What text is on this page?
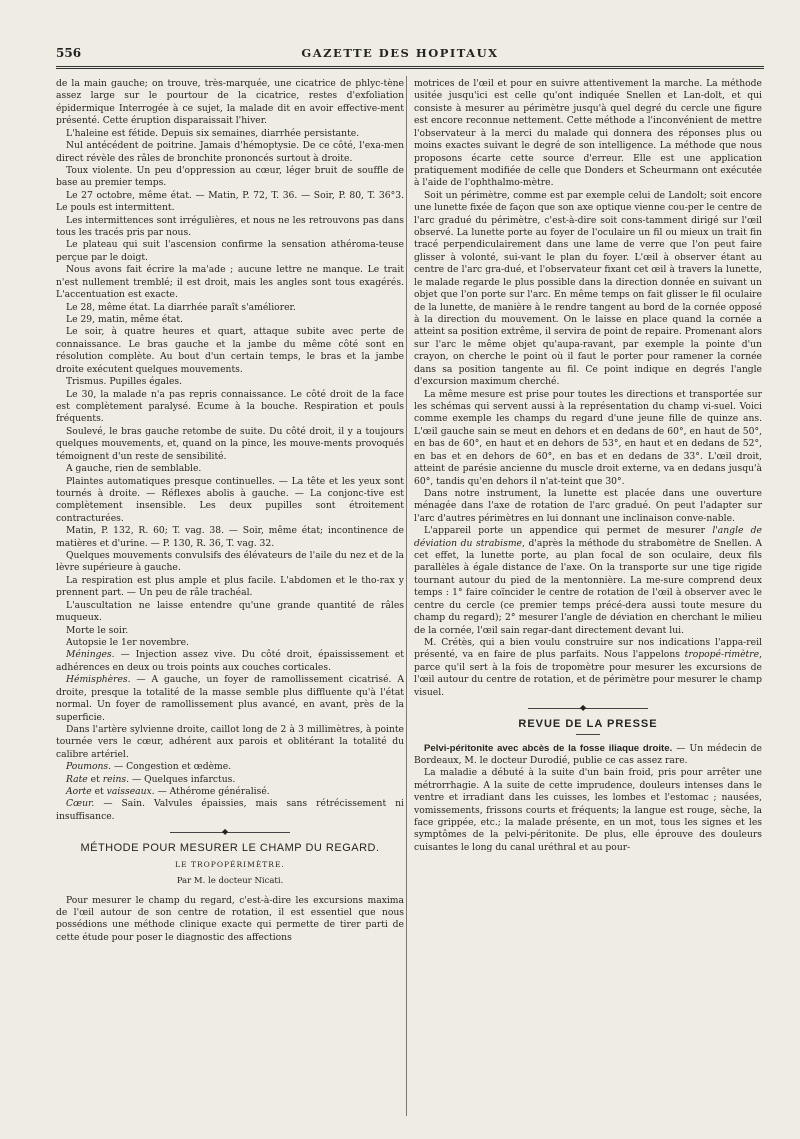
556	GAZETTE DES HOPITAUX

de la main gauche; on trouve, très-marquée, une cicatrice de phlyc-tène assez large sur le pourtour de la cicatrice, restes d'exfoliation épidermique Interrogée à ce sujet, la malade dit en avoir effective-ment présenté. Cette éruption disparaissait l'hiver.

L'haleine est fétide. Depuis six semaines, diarrhée persistante.

Nul antécédent de poitrine. Jamais d'hémoptysie. De ce côté, l'exa-men direct révèle des râles de bronchite prononcés surtout à droite.

Toux violente. Un peu d'oppression au cœur, léger bruit de souffle de base au premier temps.

Le 27 octobre, même état. — Matin, P. 72, T. 36. — Soir, P. 80, T. 36°3. Le pouls est intermittent.

Les intermittences sont irrégulières, et nous ne les retrouvons pas dans tous les tracés pris par nous.

Le plateau qui suit l'ascension confirme la sensation athéroma-teuse perçue par le doigt.

Nous avons fait écrire la ma'ade ; aucune lettre ne manque. Le trait n'est nullement tremblé; il est droit, mais les angles sont tous exagérés. L'accentuation est exacte.

Le 28, même état. La diarrhée paraît s'améliorer.

Le 29, matin, même état.

Le soir, à quatre heures et quart, attaque subite avec perte de connaissance. Le bras gauche et la jambe du même côté sont en résolution complète. Au bout d'un certain temps, le bras et la jambe droite exécutent quelques mouvements.

Trismus. Pupilles égales.

Le 30, la malade n'a pas repris connaissance. Le côté droit de la face est complètement paralysé. Ecume à la bouche. Respiration et pouls fréquents.

Soulevé, le bras gauche retombe de suite. Du côté droit, il y a toujours quelques mouvements, et, quand on la pince, les mouve-ments provoqués témoignent d'un reste de sensibilité.

A gauche, rien de semblable.

Plaintes automatiques presque continuelles. — La tête et les yeux sont tournés à droite. — Réflexes abolis à gauche. — La conjonc-tive est complètement insensible. Les deux pupilles sont étroitement contracturées.

Matin, P. 132, R. 60; T. vag. 38. — Soir, même état; incontinence de matières et d'urine. — P. 130, R. 36, T. vag. 32.

Quelques mouvements convulsifs des élévateurs de l'aile du nez et de la lèvre supérieure à gauche.

La respiration est plus ample et plus facile. L'abdomen et le tho-rax y prennent part. — Un peu de râle trachéal.

L'auscultation ne laisse entendre qu'une grande quantité de râles muqueux.

Morte le soir.

Autopsie le 1er novembre.

Méninges. — Injection assez vive. Du côté droit, épaississement et adhérences en deux ou trois points aux couches corticales.

Hémisphères. — A gauche, un foyer de ramollissement cicatrisé. A droite, presque la totalité de la masse semble plus diffluente qu'à l'état normal. Un foyer de ramollissement plus avancé, en avant, près de la superficie.

Dans l'artère sylvienne droite, caillot long de 2 à 3 millimètres, à pointe tournée vers le cœur, adhérent aux parois et oblitérant la totalité du calibre artériel.

Poumons. — Congestion et œdème.

Rate et reins. — Quelques infarctus.

Aorte et vaisseaux. — Athérome généralisé.

Cœur. — Sain. Valvules épaissies, mais sans rétrécissement ni insuffisance.

◆
MÉTHODE POUR MESURER LE CHAMP DU REGARD.
LE TROPOPÉRIMÈTRE.
Par M. le docteur Nicati.

Pour mesurer le champ du regard, c'est-à-dire les excursions maxima de l'œil autour de son centre de rotation, il est essentiel que nous possédions une méthode clinique exacte qui permette de tirer parti de cette étude pour poser le diagnostic des affections

motrices de l'œil et pour en suivre attentivement la marche. La méthode usitée jusqu'ici est celle qu'ont indiquée Snellen et Lan-dolt, et qui consiste à mesurer au périmètre jusqu'à quel degré du cercle une figure est encore reconnue nettement. Cette méthode a l'inconvénient de mettre l'observateur à la merci du malade qui donnera des réponses plus ou moins exactes suivant le degré de son intelligence. La méthode que nous proposons écarte cette source d'erreur. Elle est une application pratiquement modifiée de celle que Donders et Scheurmann ont exécutée à l'aide de l'ophthalmo-mètre.

Soit un périmètre, comme est par exemple celui de Landolt; soit encore une lunette fixée de façon que son axe optique vienne cou-per le centre de l'arc gradué du périmètre, c'est-à-dire soit cons-tamment dirigé sur l'œil observé. La lunette porte au foyer de l'oculaire un fil ou mieux un trait fin tracé perpendiculairement dans une lame de verre que l'on peut faire glisser à volonté, sui-vant le plan du foyer. L'œil à observer étant au centre de l'arc gra-dué, et l'observateur fixant cet œil à travers la lunette, le malade regarde le plus possible dans la direction donnée en suivant un objet que l'on porte sur l'arc. En même temps on fait glisser le fil oculaire de la lunette, de manière à le rendre tangent au bord de la cornée opposé à la direction du mouvement. On le laisse en place quand la cornée a atteint sa position extrême, il servira de point de repaire. Promenant alors sur l'arc le même objet qu'aupa-ravant, par exemple la pointe d'un crayon, on cherche le point où il faut le porter pour ramener la cornée dans sa position tangente au fil. Ce point indique en degrés l'angle d'excursion maximum cherché.

La même mesure est prise pour toutes les directions et transportée sur les schémas qui servent aussi à la représentation du champ vi-suel. Voici comme exemple les champs du regard d'une jeune fille de quinze ans. L'œil gauche sain se meut en dehors et en dedans de 60°, en haut de 50°, en bas de 60°, en haut et en dehors de 53°, en haut et en dedans de 52°, en bas et en dehors de 60°, en bas et en dedans de 33°. L'œil droit, atteint de parésie ancienne du muscle droit externe, va en dedans jusqu'à 60°, tandis qu'en dehors il n'at-teint que 30°.

Dans notre instrument, la lunette est placée dans une ouverture ménagée dans l'axe de rotation de l'arc gradué. On peut l'adapter sur l'arc d'autres périmètres en lui donnant une inclinaison conve-nable.

L'appareil porte un appendice qui permet de mesurer l'angle de déviation du strabisme, d'après la méthode du strabomètre de Snellen. A cet effet, la lunette porte, au plan focal de son oculaire, deux fils parallèles à égale distance de l'axe. On la transporte sur une tige rigide tournant autour du pied de la mentonnière. La me-sure comprend deux temps : 1° faire coïncider le centre de rotation de l'œil à observer avec le centre du cercle (ce premier temps précé-dera aussi toute mesure du champ du regard); 2° mesurer l'angle de déviation en cherchant le milieu de la cornée, l'œil sain regar-dant directement devant lui.

M. Crétès, qui a bien voulu construire sur nos indications l'appa-reil présenté, va en faire de plus parfaits. Nous l'appelons tropopé-rimètre, parce qu'il sert à la fois de tropomètre pour mesurer les excursions de l'œil autour du centre de rotation, et de périmètre pour mesurer le champ visuel.

◆
REVUE DE LA PRESSE

Pelvi-péritonite avec abcès de la fosse iliaque droite. — Un médecin de Bordeaux, M. le docteur Durodié, publie ce cas assez rare.

La maladie a débuté à la suite d'un bain froid, pris pour arrêter une métrorrhagie. A la suite de cette imprudence, douleurs intenses dans le ventre et irradiant dans les cuisses, les lombes et l'estomac ; nausées, vomissements, frissons courts et fréquents; la langue est rouge, sèche, la face grippée, etc.; la malade présente, en un mot, tous les signes et les symptômes de la pelvi-péritonite. De plus, elle éprouve des douleurs cuisantes le long du canal uréthral et au pour-
